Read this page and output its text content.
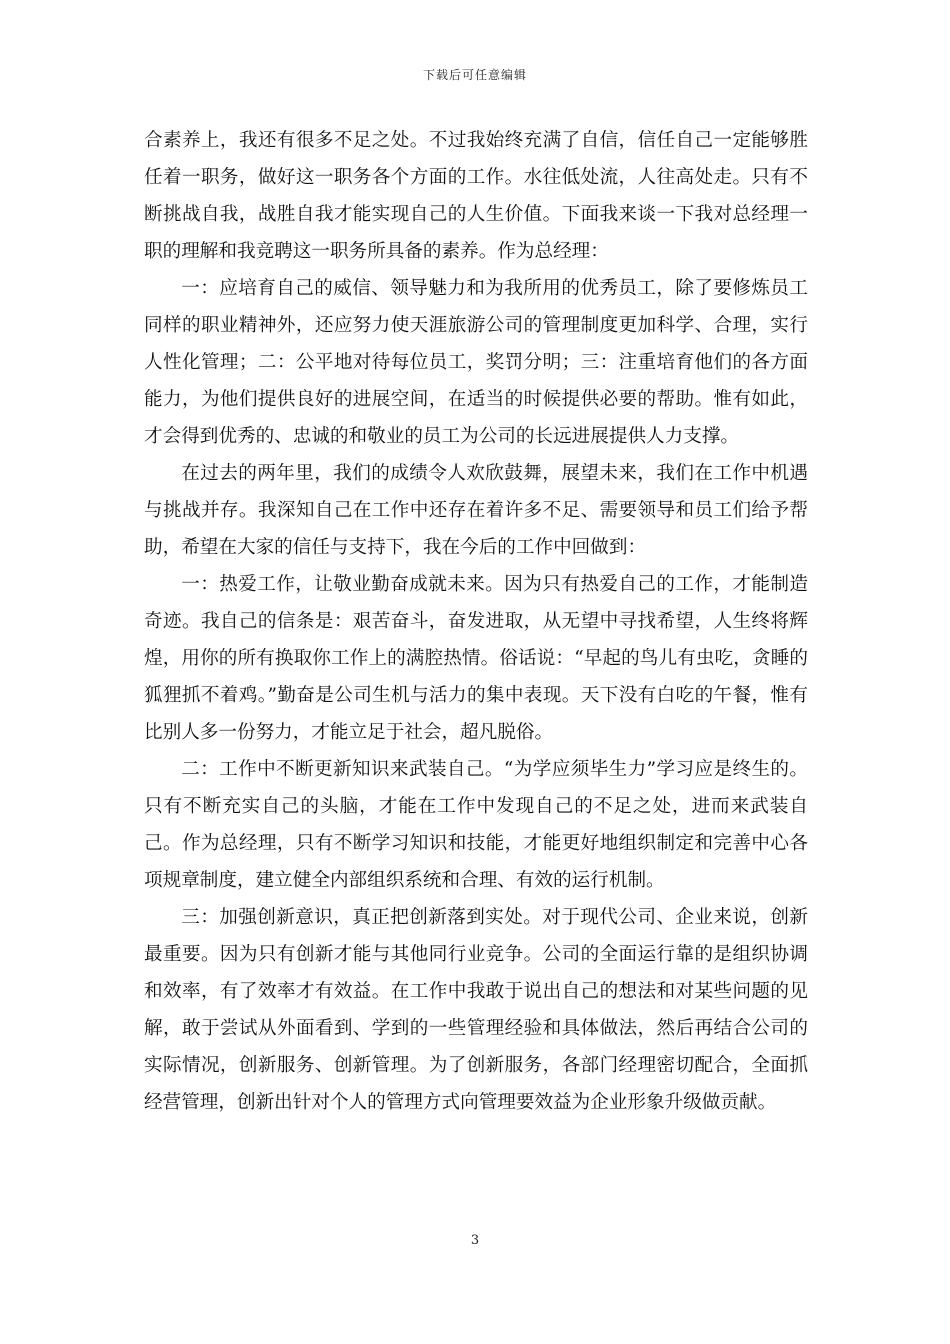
下载后可任意编辑

合素养上，我还有很多不足之处。不过我始终充满了自信，信任自己一定能够胜任着一职务，做好这一职务各个方面的工作。水往低处流，人往高处走。只有不断挑战自我，战胜自我才能实现自己的人生价值。下面我来谈一下我对总经理一职的理解和我竞聘这一职务所具备的素养。作为总经理：

一：应培育自己的威信、领导魅力和为我所用的优秀员工，除了要修炼员工同样的职业精神外，还应努力使天涯旅游公司的管理制度更加科学、合理，实行人性化管理；二：公平地对待每位员工，奖罚分明；三：注重培育他们的各方面能力，为他们提供良好的进展空间，在适当的时候提供必要的帮助。惟有如此，才会得到优秀的、忠诚的和敬业的员工为公司的长远进展提供人力支撑。

在过去的两年里，我们的成绩令人欢欣鼓舞，展望未来，我们在工作中机遇与挑战并存。我深知自己在工作中还存在着许多不足、需要领导和员工们给予帮助，希望在大家的信任与支持下，我在今后的工作中回做到：

一：热爱工作，让敬业勤奋成就未来。因为只有热爱自己的工作，才能制造奇迹。我自己的信条是：艰苦奋斗，奋发进取，从无望中寻找希望，人生终将辉煌，用你的所有换取你工作上的满腔热情。俗话说：“早起的鸟儿有虫吃，贪睡的狐狸抓不着鸡。”勤奋是公司生机与活力的集中表现。天下没有白吃的午餐，惟有比别人多一份努力，才能立足于社会，超凡脱俗。

二：工作中不断更新知识来武装自己。“为学应须毕生力”学习应是终生的。只有不断充实自己的头脑，才能在工作中发现自己的不足之处，进而来武装自己。作为总经理，只有不断学习知识和技能，才能更好地组织制定和完善中心各项规章制度，建立健全内部组织系统和合理、有效的运行机制。

三：加强创新意识，真正把创新落到实处。对于现代公司、企业来说，创新最重要。因为只有创新才能与其他同行业竞争。公司的全面运行靠的是组织协调和效率，有了效率才有效益。在工作中我敢于说出自己的想法和对某些问题的见解，敢于尝试从外面看到、学到的一些管理经验和具体做法，然后再结合公司的实际情况，创新服务、创新管理。为了创新服务，各部门经理密切配合，全面抓经营管理，创新出针对个人的管理方式向管理要效益为企业形象升级做贡献。

3
